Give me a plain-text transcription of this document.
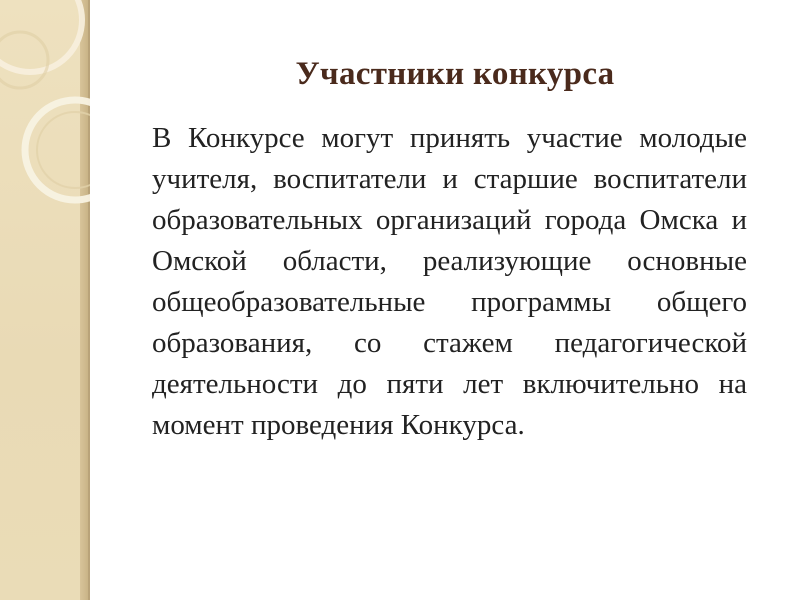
Участники конкурса
В Конкурсе могут принять участие молодые учителя, воспитатели и старшие воспитатели образовательных организаций города Омска и Омской области, реализующие основные общеобразовательные программы общего образования, со стажем педагогической деятельности до пяти лет включительно на момент проведения Конкурса.
